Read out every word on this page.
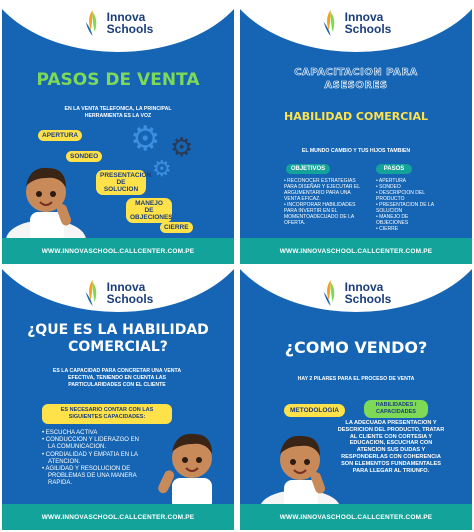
Innova
Schools
PASOS DE VENTA
EN LA VENTA TELEFONICA, LA PRINCIPAL HERRAMIENTA ES LA VOZ
⚙ ⚙
⚙
APERTURA
SONDEO
PRESENTACION DE SOLUCION
MANEJO DE OBJECIONES
CIERRE
WWW.INNOVASCHOOL.CALLCENTER.COM.PE
Innova
Schools
CAPACITACION PARA ASESORES
HABILIDAD COMERCIAL
EL MUNDO CAMBIO Y TUS HIJOS TAMBIEN
OBJETIVOS	PASOS
• RECONOCER ESTRATEGIAS PARA DISEÑAR Y EJECUTAR EL ARGUMENTARIO PARA UNA VENTA EFICAZ.
• INCORPORAR HABILIDADES PARA INVERTIR EN EL MOMENTOADECUADO DE LA OFERTA.
• APERTURA
• SONDEO
• DESCRIPCION DEL PRODUCTO
• PRESENTACION DE LA SOLUCION
• MANEJO DE OBJECIONES
• CIERRE
WWW.INNOVASCHOOL.CALLCENTER.COM.PE
Innova
Schools
¿QUE ES LA HABILIDAD COMERCIAL?
ES LA CAPACIDAD PARA CONCRETAR UNA VENTA EFECTIVA, TENIENDO EN CUENTA LAS PARTICULARIDADES CON EL CLIENTE
ES NECESARIO CONTAR CON LAS SIGUIENTES CAPACIDADES:
• ESCUCHA ACTIVA
• CONDUCCION Y LIDERAZGO EN LA COMUNICACION.
• CORDIALIDAD Y EMPATIA EN LA ATENCION.
• AGILIDAD Y RESOLUCION DE PROBLEMAS DE UNA MANERA RAPIDA.
WWW.INNOVASCHOOL.CALLCENTER.COM.PE
Innova
Schools
¿COMO VENDO?
HAY 2 PILARES PARA EL PROCESO DE VENTA
METODOLOGIA
HABILIDADES / CAPACIDADES
LA ADECUADA PRESENTACION Y DESCRICION DEL PRODUCTO, TRATAR AL CLIENTE CON CORTESIA Y EDUCACION, ESCUCHAR CON ATENCION SUS DUDAS Y RESPONDERLAS CON COHERENCIA SON ELEMENTOS FUNDAMENTALES PARA LLEGAR AL TRIUNFO.
WWW.INNOVASCHOOL.CALLCENTER.COM.PE
